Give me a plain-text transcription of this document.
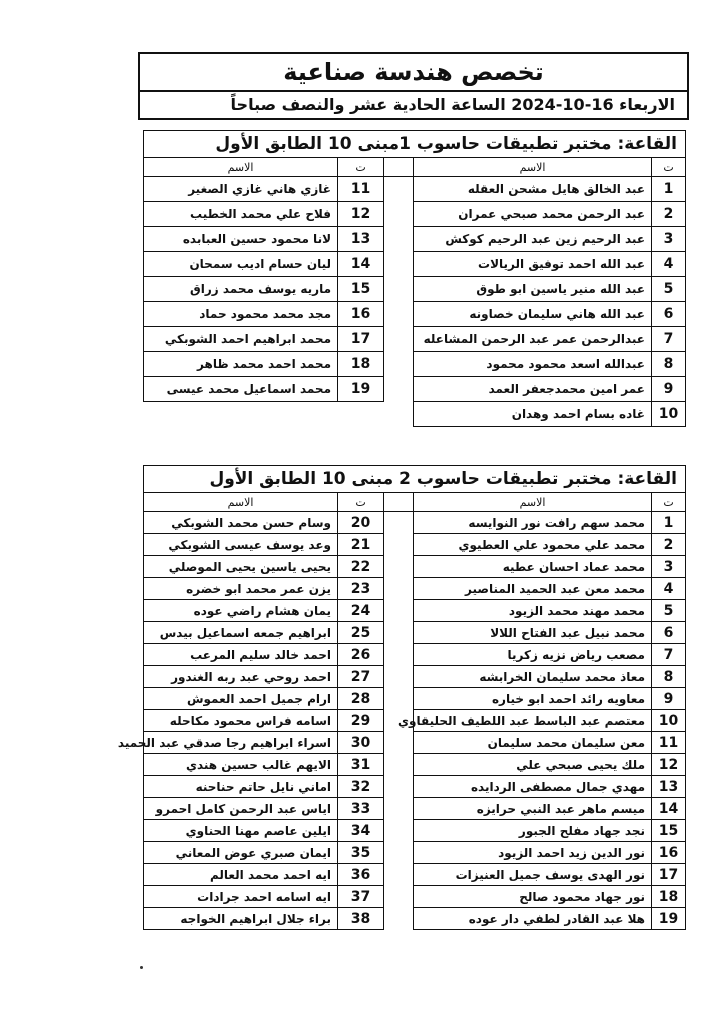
تخصص هندسة صناعية
الاربعاء 16-10-2024 الساعة الحادية عشر والنصف صباحاً
القاعة: مختبر تطبيقات حاسوب 1مبنى 10 الطابق الأول				
ت	الاسم		ت	الاسم
1	عبد الخالق هايل مشحن العقله		11	غازي هاني غازي الصغير
2	عبد الرحمن محمد صبحي عمران		12	فلاح علي محمد الخطيب
3	عبد الرحيم زين عبد الرحيم كوكش		13	لانا محمود حسين العبابده
4	عبد الله احمد توفيق الريالات		14	ليان حسام اديب سمحان
5	عبد الله منير ياسين ابو طوق		15	ماريه يوسف محمد زراق
6	عبد الله هاني سليمان خصاونه		16	مجد محمد محمود حماد
7	عبدالرحمن عمر عبد الرحمن المشاعله		17	محمد ابراهيم احمد الشوبكي
8	عبدالله اسعد محمود محمود		18	محمد احمد محمد ظاهر
9	عمر امين محمدجعفر العمد		19	محمد اسماعيل محمد عيسى
10	غاده بسام احمد وهدان			
القاعة: مختبر تطبيقات حاسوب 2 مبنى 10 الطابق الأول				
ت	الاسم		ت	الاسم
1	محمد سهم رافت نور النوايسه		20	وسام حسن محمد الشوبكي
2	محمد علي محمود علي العطيوي		21	وعد يوسف عيسى الشوبكي
3	محمد عماد احسان عطيه		22	يحيى ياسين يحيى الموصلي
4	محمد معن عبد الحميد المناصير		23	يزن عمر محمد ابو خضره
5	محمد مهند محمد الزيود		24	يمان هشام راضي عوده
6	محمد نبيل عبد الفتاح اللالا		25	ابراهيم جمعه اسماعيل بيدس
7	مصعب رياض نزيه زكريا		26	احمد خالد سليم المرعب
8	معاذ محمد سليمان الخرابشه		27	احمد روحي عبد ربه الغندور
9	معاويه رائد احمد ابو خياره		28	ارام جميل احمد العموش
10	معتصم عبد الباسط عبد اللطيف الحليقاوي		29	اسامه فراس محمود مكاحله
11	معن سليمان محمد سليمان		30	اسراء ابراهيم رجا صدقي عبد الحميد
12	ملك يحيى صبحي علي		31	الايهم غالب حسين هندي
13	مهدي جمال مصطفى الردايده		32	اماني نايل حاتم حناحنه
14	ميسم ماهر عبد النبي حرايزه		33	اياس عبد الرحمن كامل احمرو
15	نجد جهاد مفلح الجبور		34	ايلين عاصم مهنا الحناوي
16	نور الدين زيد احمد الزيود		35	ايمان صبري عوض المعاني
17	نور الهدى يوسف جميل العنيزات		36	ايه احمد محمد العالم
18	نور جهاد محمود صالح		37	ايه اسامه احمد جرادات
19	هلا عبد القادر لطفي دار عوده		38	براء جلال ابراهيم الخواجه
